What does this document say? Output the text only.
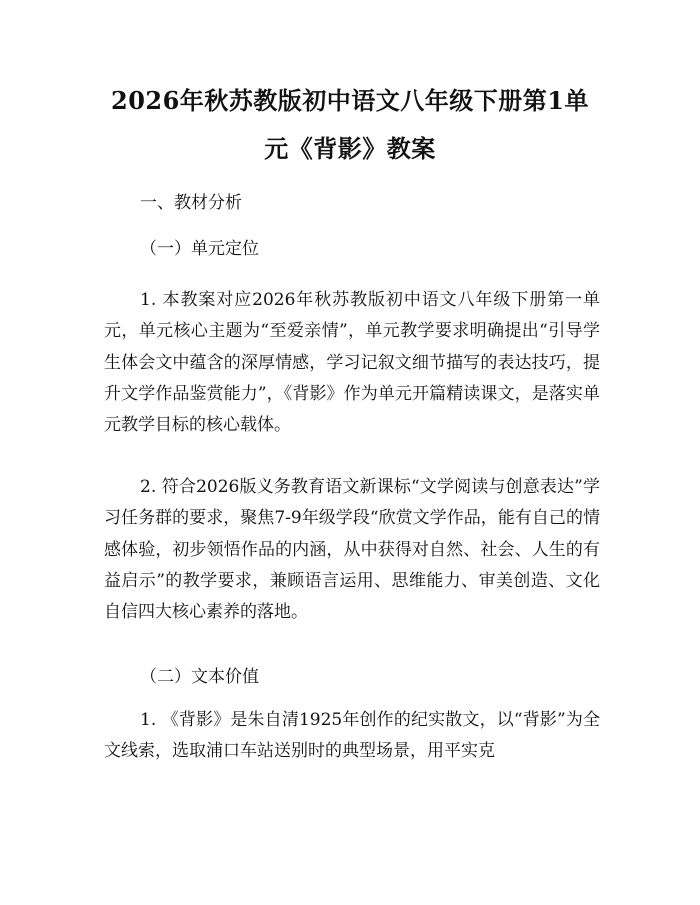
2026年秋苏教版初中语文八年级下册第1单
元《背影》教案
一、教材分析
（一）单元定位
1. 本教案对应2026年秋苏教版初中语文八年级下册第一单元，单元核心主题为“至爱亲情”，单元教学要求明确提出“引导学生体会文中蕴含的深厚情感，学习记叙文细节描写的表达技巧，提升文学作品鉴赏能力”，《背影》作为单元开篇精读课文，是落实单元教学目标的核心载体。
2. 符合2026版义务教育语文新课标“文学阅读与创意表达”学习任务群的要求，聚焦7-9年级学段“欣赏文学作品，能有自己的情感体验，初步领悟作品的内涵，从中获得对自然、社会、人生的有益启示”的教学要求，兼顾语言运用、思维能力、审美创造、文化自信四大核心素养的落地。
（二）文本价值
1. 《背影》是朱自清1925年创作的纪实散文，以“背影”为全文线索，选取浦口车站送别时的典型场景，用平实克
